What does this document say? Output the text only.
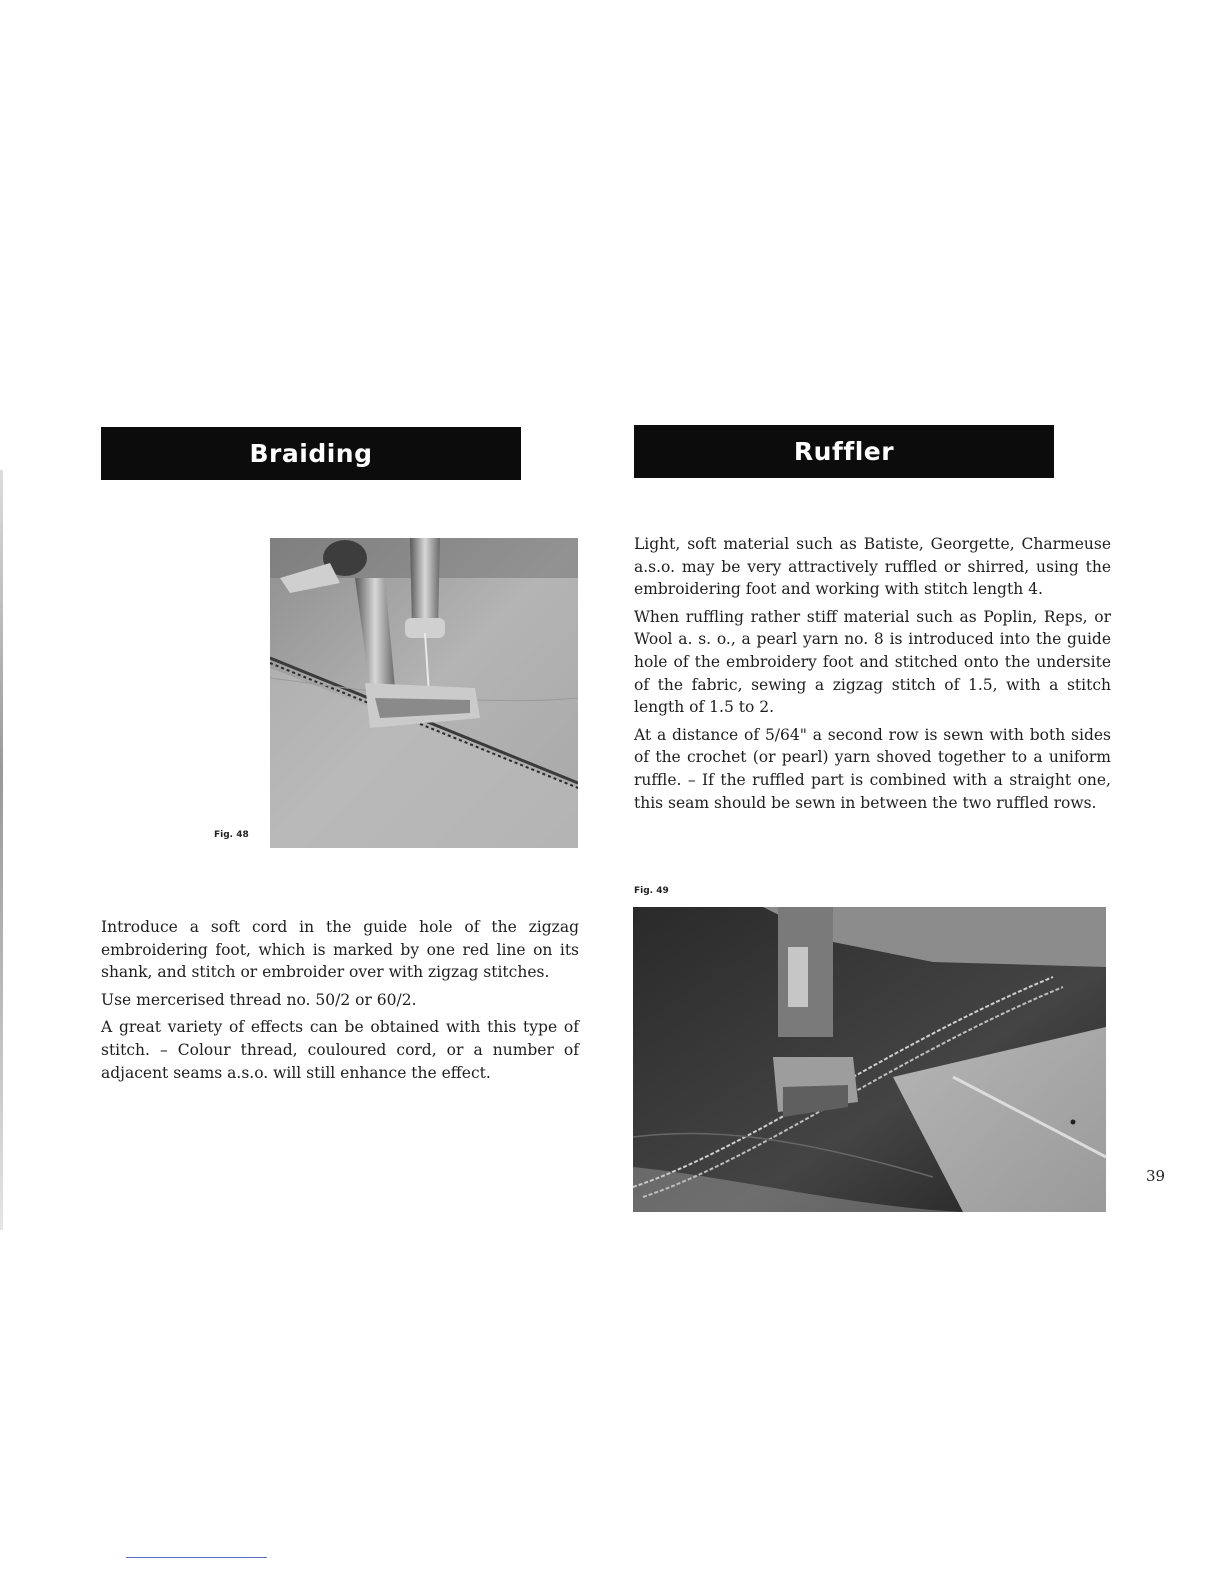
Braiding
Fig. 48

Introduce a soft cord in the guide hole of the zigzag embroidering foot, which is marked by one red line on its shank, and stitch or embroider over with zigzag stitches.

Use mercerised thread no. 50/2 or 60/2.

A great variety of effects can be obtained with this type of stitch. – Colour thread, couloured cord, or a number of adjacent seams a.s.o. will still enhance the effect.

Ruffler

Light, soft material such as Batiste, Georgette, Charmeuse a.s.o. may be very attractively ruffled or shirred, using the embroidering foot and working with stitch length 4.

When ruffling rather stiff material such as Poplin, Reps, or Wool a. s. o., a pearl yarn no. 8 is introduced into the guide hole of the embroidery foot and stitched onto the undersite of the fabric, sewing a zigzag stitch of 1.5, with a stitch length of 1.5 to 2.

At a distance of 5/64" a second row is sewn with both sides of the crochet (or pearl) yarn shoved together to a uniform ruffle. – If the ruffled part is combined with a straight one, this seam should be sewn in between the two ruffled rows.

Fig. 49
39
